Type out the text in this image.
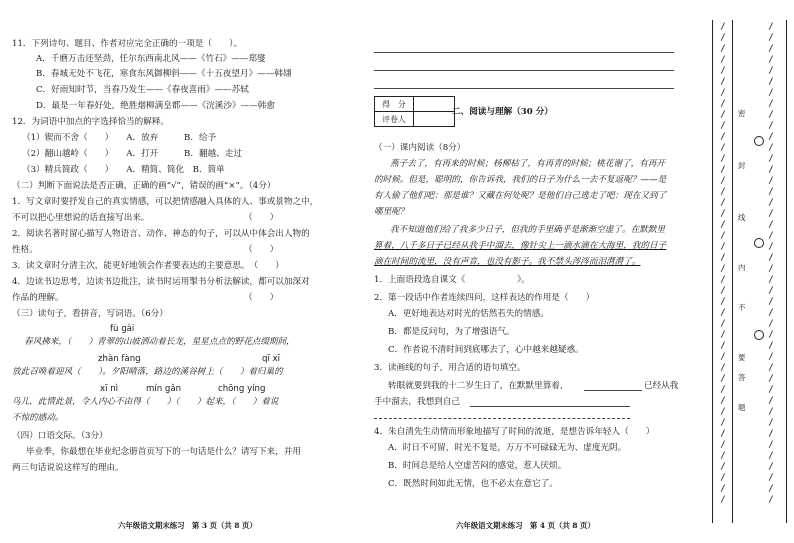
11．下列诗句、题目、作者对应完全正确的一项是（　　）。
A．千磨万击还坚劲，任尔东西南北风——《竹石》——郑燮
B．春城无处不飞花，寒食东风御柳斜——《十五夜望月》——韩翃
C．好雨知时节，当春乃发生——《春夜喜雨》——苏轼
D．最是一年春好处，绝胜烟柳满皇都——《浣溪沙》——韩愈
12．为词语中加点的字选择恰当的解释。
（1）锲而不舍（　　）　　A．放弃　　　B．给予
（2）翻山越岭（　　）　　A．打开　　　B．翻越、走过
（3）精兵简政（　　）　　A．精简、简化　B．简单
（二）判断下面说法是否正确，正确的画“√”，错误的画“×”。（4分）
1．写文章时要抒发自己的真实情感，可以把情感融入具体的人、事或景物之中，
不可以把心里想说的话直接写出来。　　　　　　　　　　　　（　　）
2．阅读名著时留心描写人物语言、动作、神态的句子，可以从中体会出人物的
性格。　　　　　　　　　　　　　　　　　　　　　　　　　（　　）
3．读文章时分清主次，能更好地领会作者要表达的主要意思。　（　　）
4．边读书边思考，边读书边批注，读书时运用掣书分析法解读，都可以加深对
作品的理解。　　　　　　　　　　　　　　　　　　　　　　（　　）
（三）读句子，看拼音，写词语。（6分）
fù gài
春风拂来，（　　）青翠的山坡洒动着长龙，星星点点的野花点缀期间，
zhàn fàng	qī xī
放此召唤着迎风（　　）。夕阳晴落，路边的溪谷树上（　　）着归巢的
xī nì	mín gǎn	chōng yíng
鸟儿，此情此景，令人内心不由得（　　）（　　）起来，（　　）着说
不惊的感动。
（四）口语交际。（3分）
毕业季，你最想在毕业纪念册首页写下的一句话是什么？请写下来，并用
两三句话说说这样写的理由。
六年级语文期末练习　第 3 页（共 8 页）
得　分	
评卷人	
二、阅读与理解（30 分）
（一）课内阅读（8分）
燕子去了，有再来的时候；杨柳枯了，有再青的时候；桃花谢了，有再开
的时候。但是，聪明的，你告诉我，我们的日子为什么一去不复返呢？——是
有人偷了他们吧：那是谁？又藏在何处呢？是他们自己逃走了吧：现在又到了
哪里呢？
我不知道他们给了我多少日子，但我的手里确乎是渐渐空虚了。在默默里
算着，八千多日子已经从我手中溜去，像针尖上一滴水滴在大海里，我的日子
滴在时间的流里，没有声音，也没有影子。我不禁头涔涔而泪潸潸了。
1．上面语段选自课文《　　　　　　》。
2．第一段话中作者连续四问，这样表达的作用是（　　）
A．更好地表达对时光的恬然若失的情感。
B．都是反问句，为了增强语气。
C．作者说不清时间到底哪去了，心中越来越疑惑。
3．读画线的句子，用合适的语句填空。
转眼就要到我的十二岁生日了，在默默里算着，	已经从我
手中溜去，我想到自己
4．朱自清先生动情而形象地描写了时间的流逝，是想告诉年轻人（　　）
A．时日不可留，时光不复是，万万不可碌碌无为、虚度光阴。
B．时间总是给人空虚苦闷的感觉，惹人厌烦。
C．既然时间如此无情，也不必太在意它了。
六年级语文期末练习　第 4 页（共 8 页）
/ / / / / / / / / / / / / / / / / / / / / / / / / / / / / / / / / / / / / / / / / / / /
/ / / / / / / / / / / / / / / / / / / / / / / / / / / / / / / / / / / / / / / / / / / /
密
封
线
内
不
要
答
题
